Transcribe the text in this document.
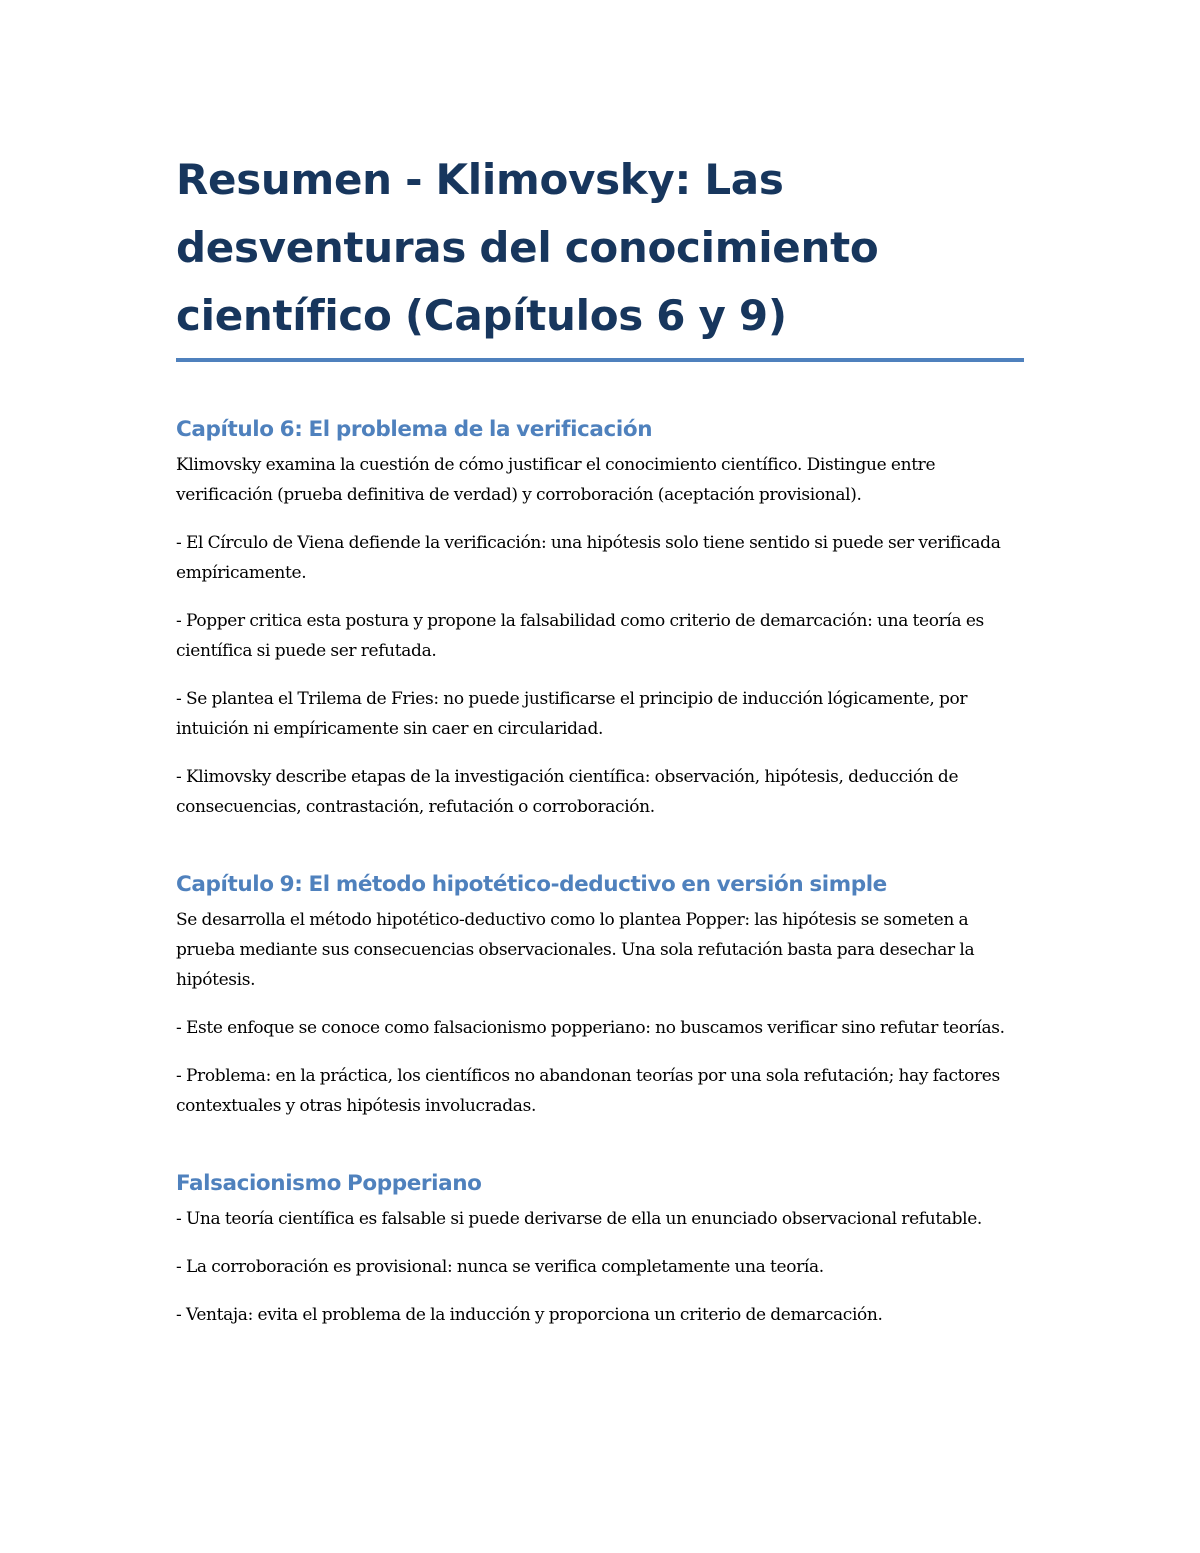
Resumen - Klimovsky: Las desventuras del conocimiento científico (Capítulos 6 y 9)
Capítulo 6: El problema de la verificación

Klimovsky examina la cuestión de cómo justificar el conocimiento científico. Distingue entre verificación (prueba definitiva de verdad) y corroboración (aceptación provisional).

- El Círculo de Viena defiende la verificación: una hipótesis solo tiene sentido si puede ser verificada empíricamente.

- Popper critica esta postura y propone la falsabilidad como criterio de demarcación: una teoría es científica si puede ser refutada.

- Se plantea el Trilema de Fries: no puede justificarse el principio de inducción lógicamente, por intuición ni empíricamente sin caer en circularidad.

- Klimovsky describe etapas de la investigación científica: observación, hipótesis, deducción de consecuencias, contrastación, refutación o corroboración.

Capítulo 9: El método hipotético-deductivo en versión simple

Se desarrolla el método hipotético-deductivo como lo plantea Popper: las hipótesis se someten a prueba mediante sus consecuencias observacionales. Una sola refutación basta para desechar la hipótesis.

- Este enfoque se conoce como falsacionismo popperiano: no buscamos verificar sino refutar teorías.

- Problema: en la práctica, los científicos no abandonan teorías por una sola refutación; hay factores contextuales y otras hipótesis involucradas.

Falsacionismo Popperiano

- Una teoría científica es falsable si puede derivarse de ella un enunciado observacional refutable.

- La corroboración es provisional: nunca se verifica completamente una teoría.

- Ventaja: evita el problema de la inducción y proporciona un criterio de demarcación.
